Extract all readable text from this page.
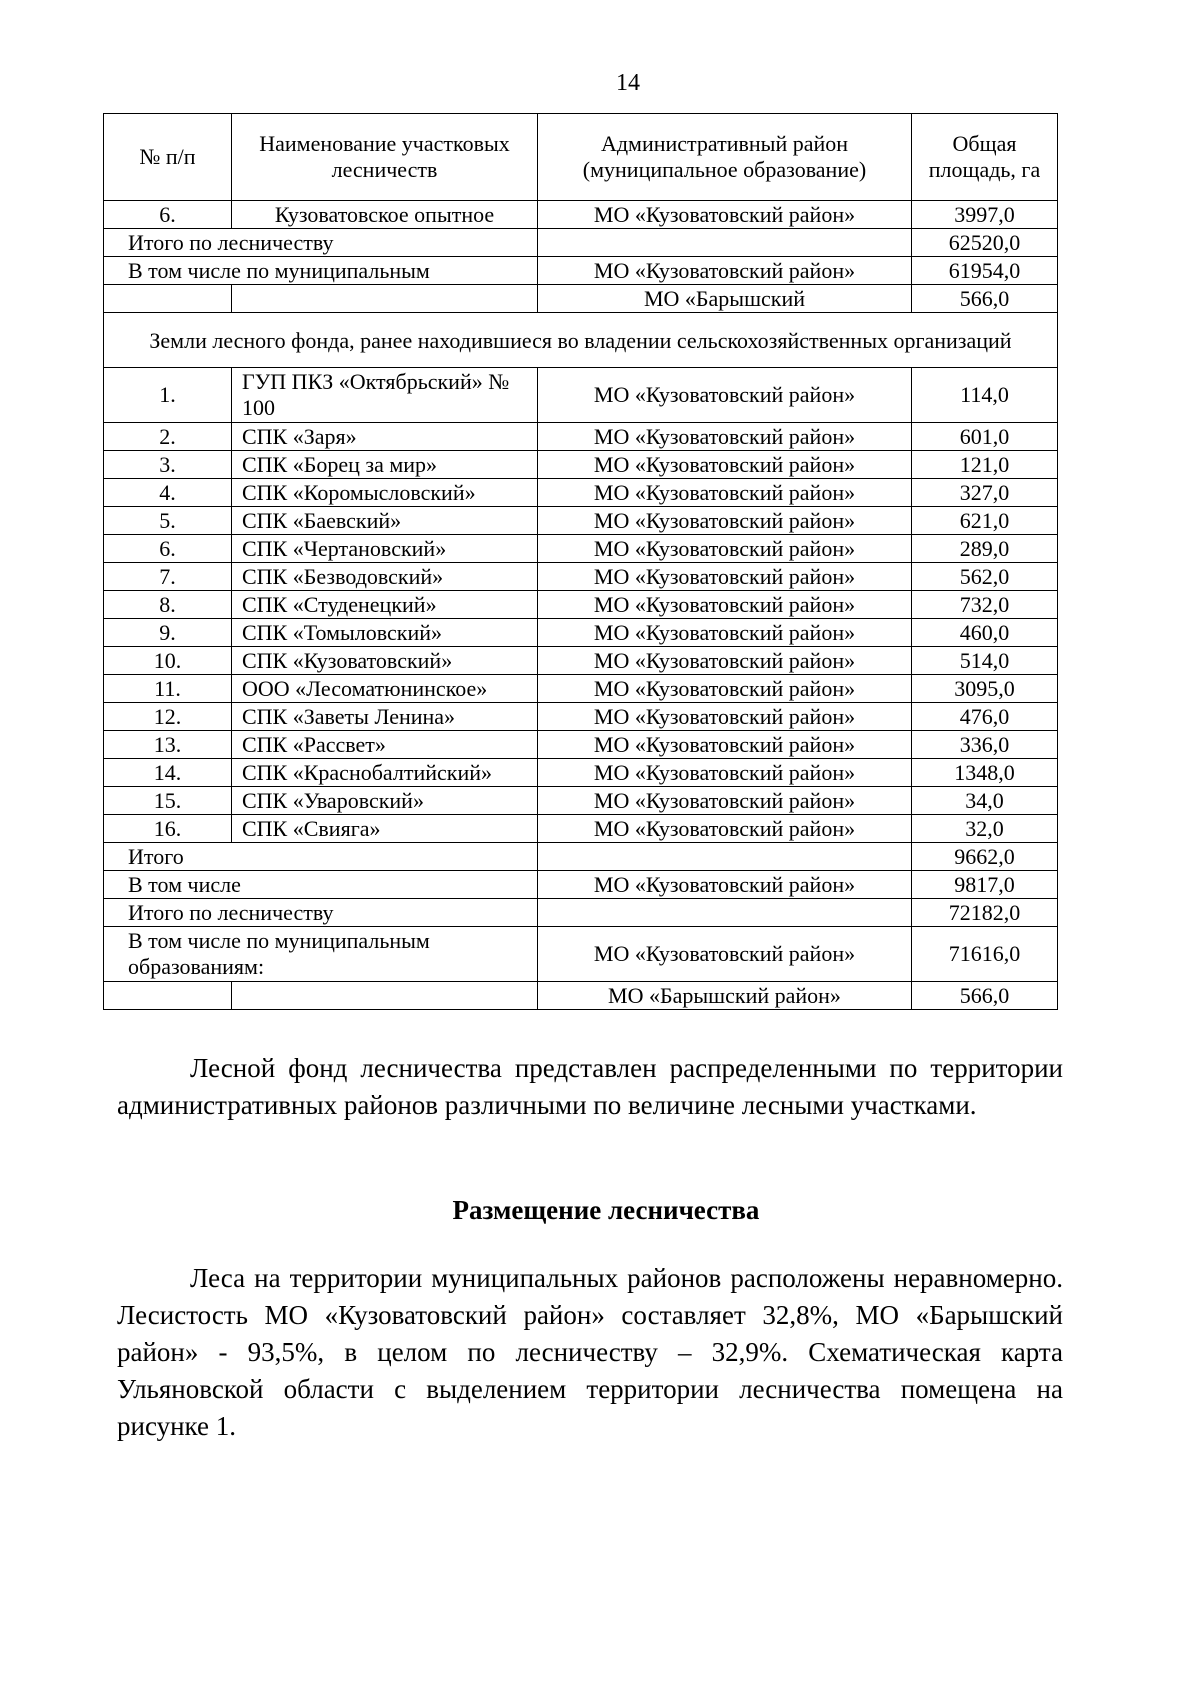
14
№ п/п	Наименование участковых лесничеств	Административный район (муниципальное образование)	Общая площадь, га
6.	Кузоватовское опытное	МО «Кузоватовский район»	3997,0
Итого по лесничеству			62520,0
В том числе по муниципальным		МО «Кузоватовский район»	61954,0
		МО «Барышский	566,0
Земли лесного фонда, ранее находившиеся во владении сельскохозяйственных организаций			
1.	ГУП ПКЗ «Октябрьский» № 100	МО «Кузоватовский район»	114,0
2.	СПК «Заря»	МО «Кузоватовский район»	601,0
3.	СПК «Борец за мир»	МО «Кузоватовский район»	121,0
4.	СПК «Коромысловский»	МО «Кузоватовский район»	327,0
5.	СПК «Баевский»	МО «Кузоватовский район»	621,0
6.	СПК «Чертановский»	МО «Кузоватовский район»	289,0
7.	СПК «Безводовский»	МО «Кузоватовский район»	562,0
8.	СПК «Студенецкий»	МО «Кузоватовский район»	732,0
9.	СПК «Томыловский»	МО «Кузоватовский район»	460,0
10.	СПК «Кузоватовский»	МО «Кузоватовский район»	514,0
11.	ООО «Лесоматюнинское»	МО «Кузоватовский район»	3095,0
12.	СПК «Заветы Ленина»	МО «Кузоватовский район»	476,0
13.	СПК «Рассвет»	МО «Кузоватовский район»	336,0
14.	СПК «Краснобалтийский»	МО «Кузоватовский район»	1348,0
15.	СПК «Уваровский»	МО «Кузоватовский район»	34,0
16.	СПК «Свияга»	МО «Кузоватовский район»	32,0
Итого			9662,0
В том числе		МО «Кузоватовский район»	9817,0
Итого по лесничеству			72182,0
В том числе по муниципальным образованиям:		МО «Кузоватовский район»	71616,0
		МО «Барышский район»	566,0

Лесной фонд лесничества представлен распределенными по территории административных районов различными по величине лесными участками.

Размещение лесничества

Леса на территории муниципальных районов расположены неравномерно. Лесистость МО «Кузоватовский район» составляет 32,8%, МО «Барышский район» - 93,5%, в целом по лесничеству – 32,9%. Схематическая карта Ульяновской области с выделением территории лесничества помещена на рисунке 1.
